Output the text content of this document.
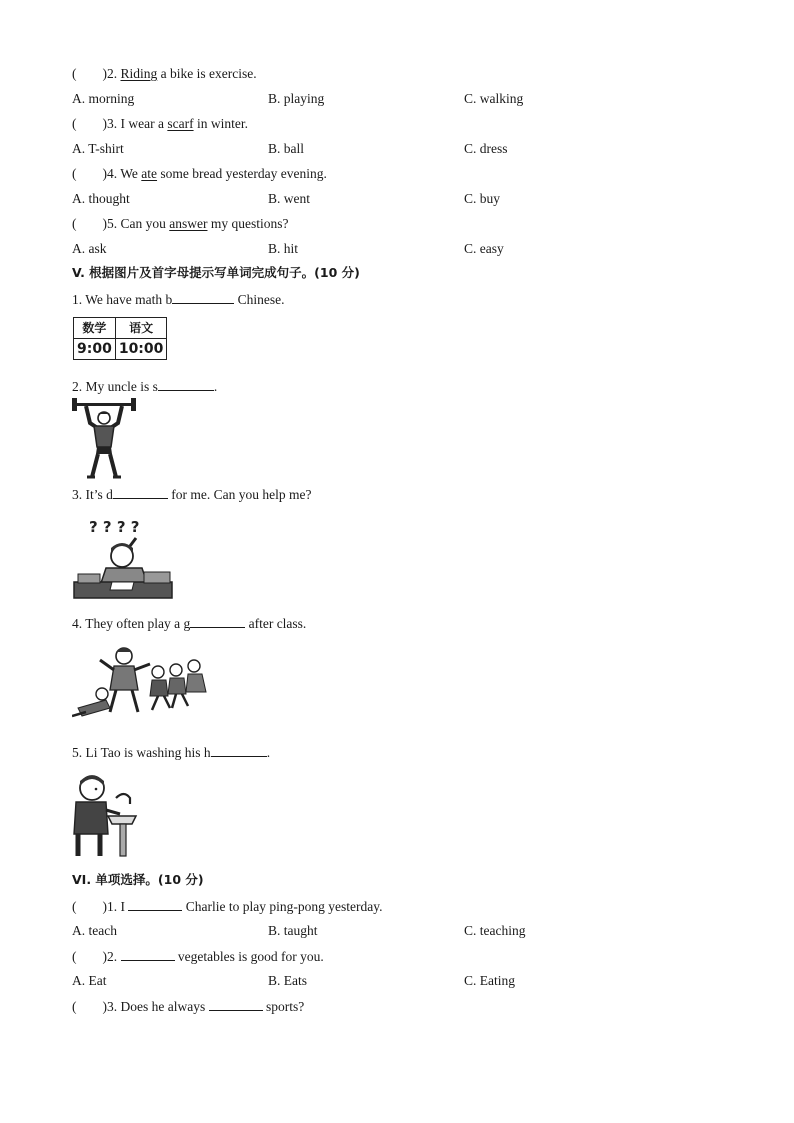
( )2. Riding a bike is exercise.
A. morning	B. playing	C. walking
( )3. I wear a scarf in winter.
A. T-shirt	B. ball	C. dress
( )4. We ate some bread yesterday evening.
A. thought	B. went	C. buy
( )5. Can you answer my questions?
A. ask	B. hit	C. easy
V. 根据图片及首字母提示写单词完成句子。(10 分)
1. We have math b	Chinese.
数学	语文
9:00	10:00
2. My uncle is s	.
3. It’s d	for me. Can you help me?
? ? ? ?
4. They often play a g	after class.
5. Li Tao is washing his h	.
VI. 单项选择。(10 分)
( )1. I	Charlie to play ping-pong yesterday.
A. teach	B. taught	C. teaching
( )2.	vegetables is good for you.
A. Eat	B. Eats	C. Eating
( )3. Does he always	sports?
